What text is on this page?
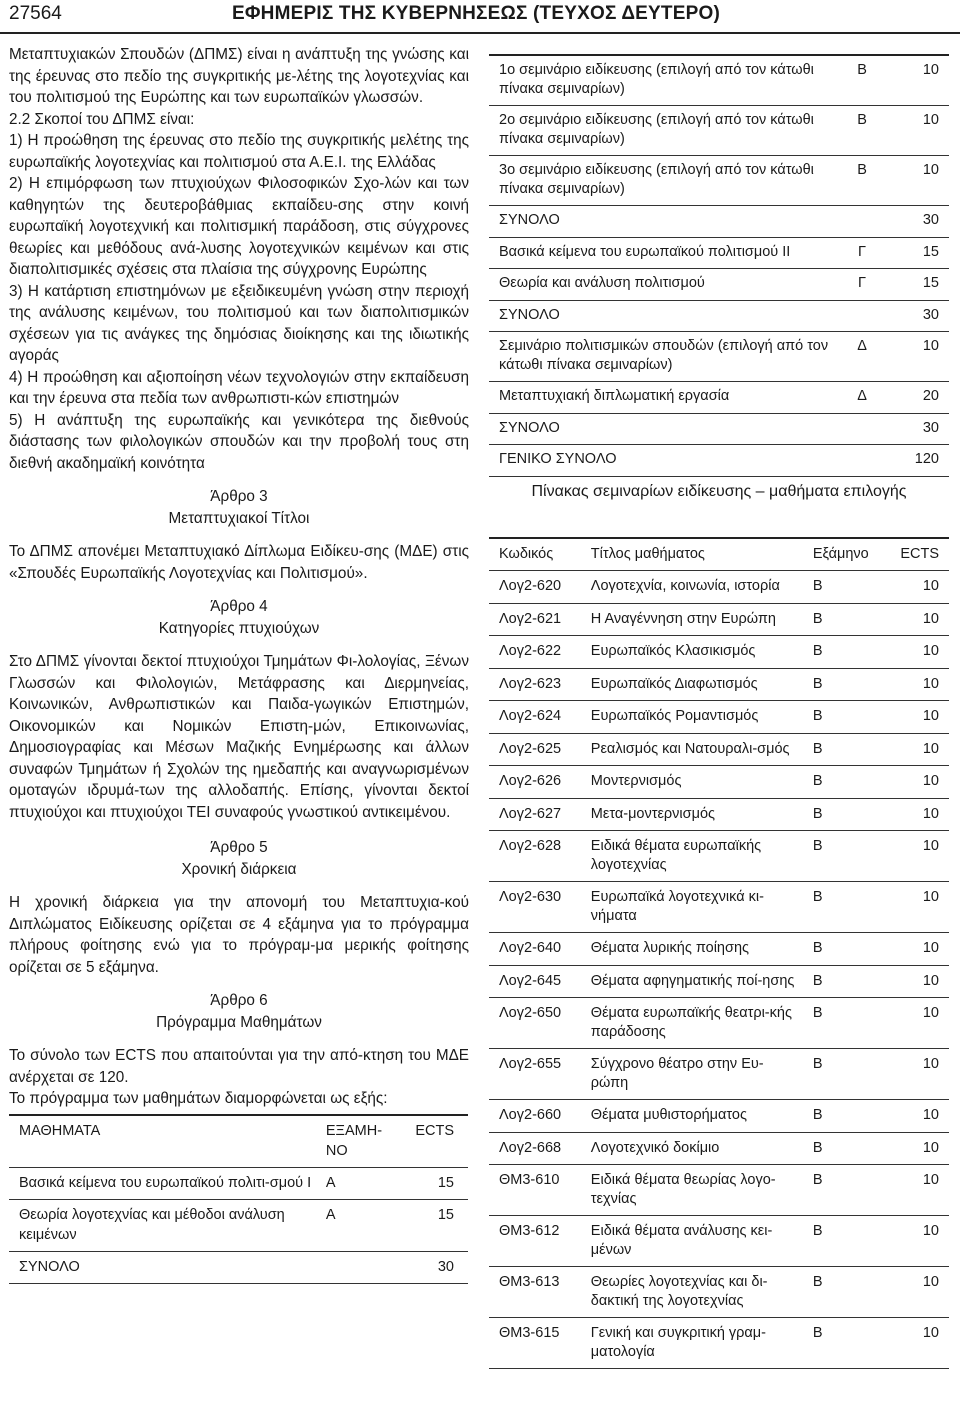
27564	ΕΦΗΜΕΡΙΣ ΤΗΣ ΚΥΒΕΡΝΗΣΕΩΣ (ΤΕΥΧΟΣ ΔΕΥΤΕΡΟ)

Μεταπτυχιακών Σπουδών (ΔΠΜΣ) είναι η ανάπτυξη της γνώσης και της έρευνας στο πεδίο της συγκριτικής με-λέτης της λογοτεχνίας και του πολιτισμού της Ευρώπης και των ευρωπαϊκών γλωσσών.

2.2 Σκοποί του ΔΠΜΣ είναι:

1) Η προώθηση της έρευνας στο πεδίο της συγκριτικής μελέτης της ευρωπαϊκής λογοτεχνίας και πολιτισμού στα Α.Ε.Ι. της Ελλάδας

2) Η επιμόρφωση των πτυχιούχων Φιλοσοφικών Σχο-λών και των καθηγητών της δευτεροβάθμιας εκπαίδευ-σης στην κοινή ευρωπαϊκή λογοτεχνική και πολιτισμική παράδοση, στις σύγχρονες θεωρίες και μεθόδους ανά-λυσης λογοτεχνικών κειμένων και στις διαπολιτισμικές σχέσεις στα πλαίσια της σύγχρονης Ευρώπης

3) Η κατάρτιση επιστημόνων με εξειδικευμένη γνώση στην περιοχή της ανάλυσης κειμένων, του πολιτισμού και των διαπολιτισμικών σχέσεων για τις ανάγκες της δημόσιας διοίκησης και της ιδιωτικής αγοράς

4) Η προώθηση και αξιοποίηση νέων τεχνολογιών στην εκπαίδευση και την έρευνα στα πεδία των ανθρωπιστι-κών επιστημών

5) Η ανάπτυξη της ευρωπαϊκής και γενικότερα της διεθνούς διάστασης των φιλολογικών σπουδών και την προβολή τους στη διεθνή ακαδημαϊκή κοινότητα

Άρθρο 3

Μεταπτυχιακοί Τίτλοι

Το ΔΠΜΣ απονέμει Μεταπτυχιακό Δίπλωμα Ειδίκευ-σης (ΜΔΕ) στις «Σπουδές Ευρωπαϊκής Λογοτεχνίας και Πολιτισμού».

Άρθρο 4

Κατηγορίες πτυχιούχων

Στο ΔΠΜΣ γίνονται δεκτοί πτυχιούχοι Τμημάτων Φι-λολογίας, Ξένων Γλωσσών και Φιλολογιών, Μετάφρασης και Διερμηνείας, Κοινωνικών, Ανθρωπιστικών και Παιδα-γωγικών Επιστημών, Οικονομικών και Νομικών Επιστη-μών, Επικοινωνίας, Δημοσιογραφίας και Μέσων Μαζικής Ενημέρωσης και άλλων συναφών Τμημάτων ή Σχολών της ημεδαπής και αναγνωρισμένων ομοταγών ιδρυμά-των της αλλοδαπής. Επίσης, γίνονται δεκτοί πτυχιούχοι και πτυχιούχοι ΤΕΙ συναφούς γνωστικού αντικειμένου.

Άρθρο 5

Χρονική διάρκεια

Η χρονική διάρκεια για την απονομή του Μεταπτυχια-κού Διπλώματος Ειδίκευσης ορίζεται σε 4 εξάμηνα για το πρόγραμμα πλήρους φοίτησης ενώ για το πρόγραμ-μα μερικής φοίτησης ορίζεται σε 5 εξάμηνα.

Άρθρο 6

Πρόγραμμα Μαθημάτων

Το σύνολο των ECTS που απαιτούνται για την από-κτηση του ΜΔΕ ανέρχεται σε 120.

Το πρόγραμμα των μαθημάτων διαμορφώνεται ως εξής:

ΜΑΘΗΜΑΤΑ	ΕΞΑΜΗ-ΝΟ	ECTS
Βασικά κείμενα του ευρωπαϊκού πολιτι-σμού Ι	Α	15
Θεωρία λογοτεχνίας και μέθοδοι ανάλυση κειμένων	Α	15
ΣΥΝΟΛΟ		30
1ο σεμινάριο ειδίκευσης (επιλογή από τον κάτωθι πίνακα σεμιναρίων)	Β	10
2ο σεμινάριο ειδίκευσης (επιλογή από τον κάτωθι πίνακα σεμιναρίων)	Β	10
3ο σεμινάριο ειδίκευσης (επιλογή από τον κάτωθι πίνακα σεμιναρίων)	Β	10
ΣΥΝΟΛΟ		30
Βασικά κείμενα του ευρωπαϊκού πολιτισμού ΙΙ	Γ	15
Θεωρία και ανάλυση πολιτισμού	Γ	15
ΣΥΝΟΛΟ		30
Σεμινάριο πολιτισμικών σπουδών (επιλογή από τον κάτωθι πίνακα σεμιναρίων)	Δ	10
Μεταπτυχιακή διπλωματική εργασία	Δ	20
ΣΥΝΟΛΟ		30
ΓΕΝΙΚΟ ΣΥΝΟΛΟ		120

Πίνακας σεμιναρίων ειδίκευσης – μαθήματα επιλογής

Κωδικός	Τίτλος μαθήματος	Εξάμηνο	ECTS
Λογ2-620	Λογοτεχνία, κοινωνία, ιστορία	Β	10
Λογ2-621	Η Αναγέννηση στην Ευρώπη	Β	10
Λογ2-622	Ευρωπαϊκός Κλασικισμός	Β	10
Λογ2-623	Ευρωπαϊκός Διαφωτισμός	Β	10
Λογ2-624	Ευρωπαϊκός Ρομαντισμός	Β	10
Λογ2-625	Ρεαλισμός και Νατουραλι-σμός	Β	10
Λογ2-626	Μοντερνισμός	Β	10
Λογ2-627	Μετα-μοντερνισμός	Β	10
Λογ2-628	Ειδικά θέματα ευρωπαϊκής λογοτεχνίας	Β	10
Λογ2-630	Ευρωπαϊκά λογοτεχνικά κι-νήματα	Β	10
Λογ2-640	Θέματα λυρικής ποίησης	Β	10
Λογ2-645	Θέματα αφηγηματικής ποί-ησης	Β	10
Λογ2-650	Θέματα ευρωπαϊκής θεατρι-κής παράδοσης	Β	10
Λογ2-655	Σύγχρονο θέατρο στην Ευ-ρώπη	Β	10
Λογ2-660	Θέματα μυθιστορήματος	Β	10
Λογ2-668	Λογοτεχνικό δοκίμιο	Β	10
ΘΜ3-610	Ειδικά θέματα θεωρίας λογο-τεχνίας	Β	10
ΘΜ3-612	Ειδικά θέματα ανάλυσης κει-μένων	Β	10
ΘΜ3-613	Θεωρίες λογοτεχνίας και δι-δακτική της λογοτεχνίας	Β	10
ΘΜ3-615	Γενική και συγκριτική γραμ-ματολογία	Β	10
